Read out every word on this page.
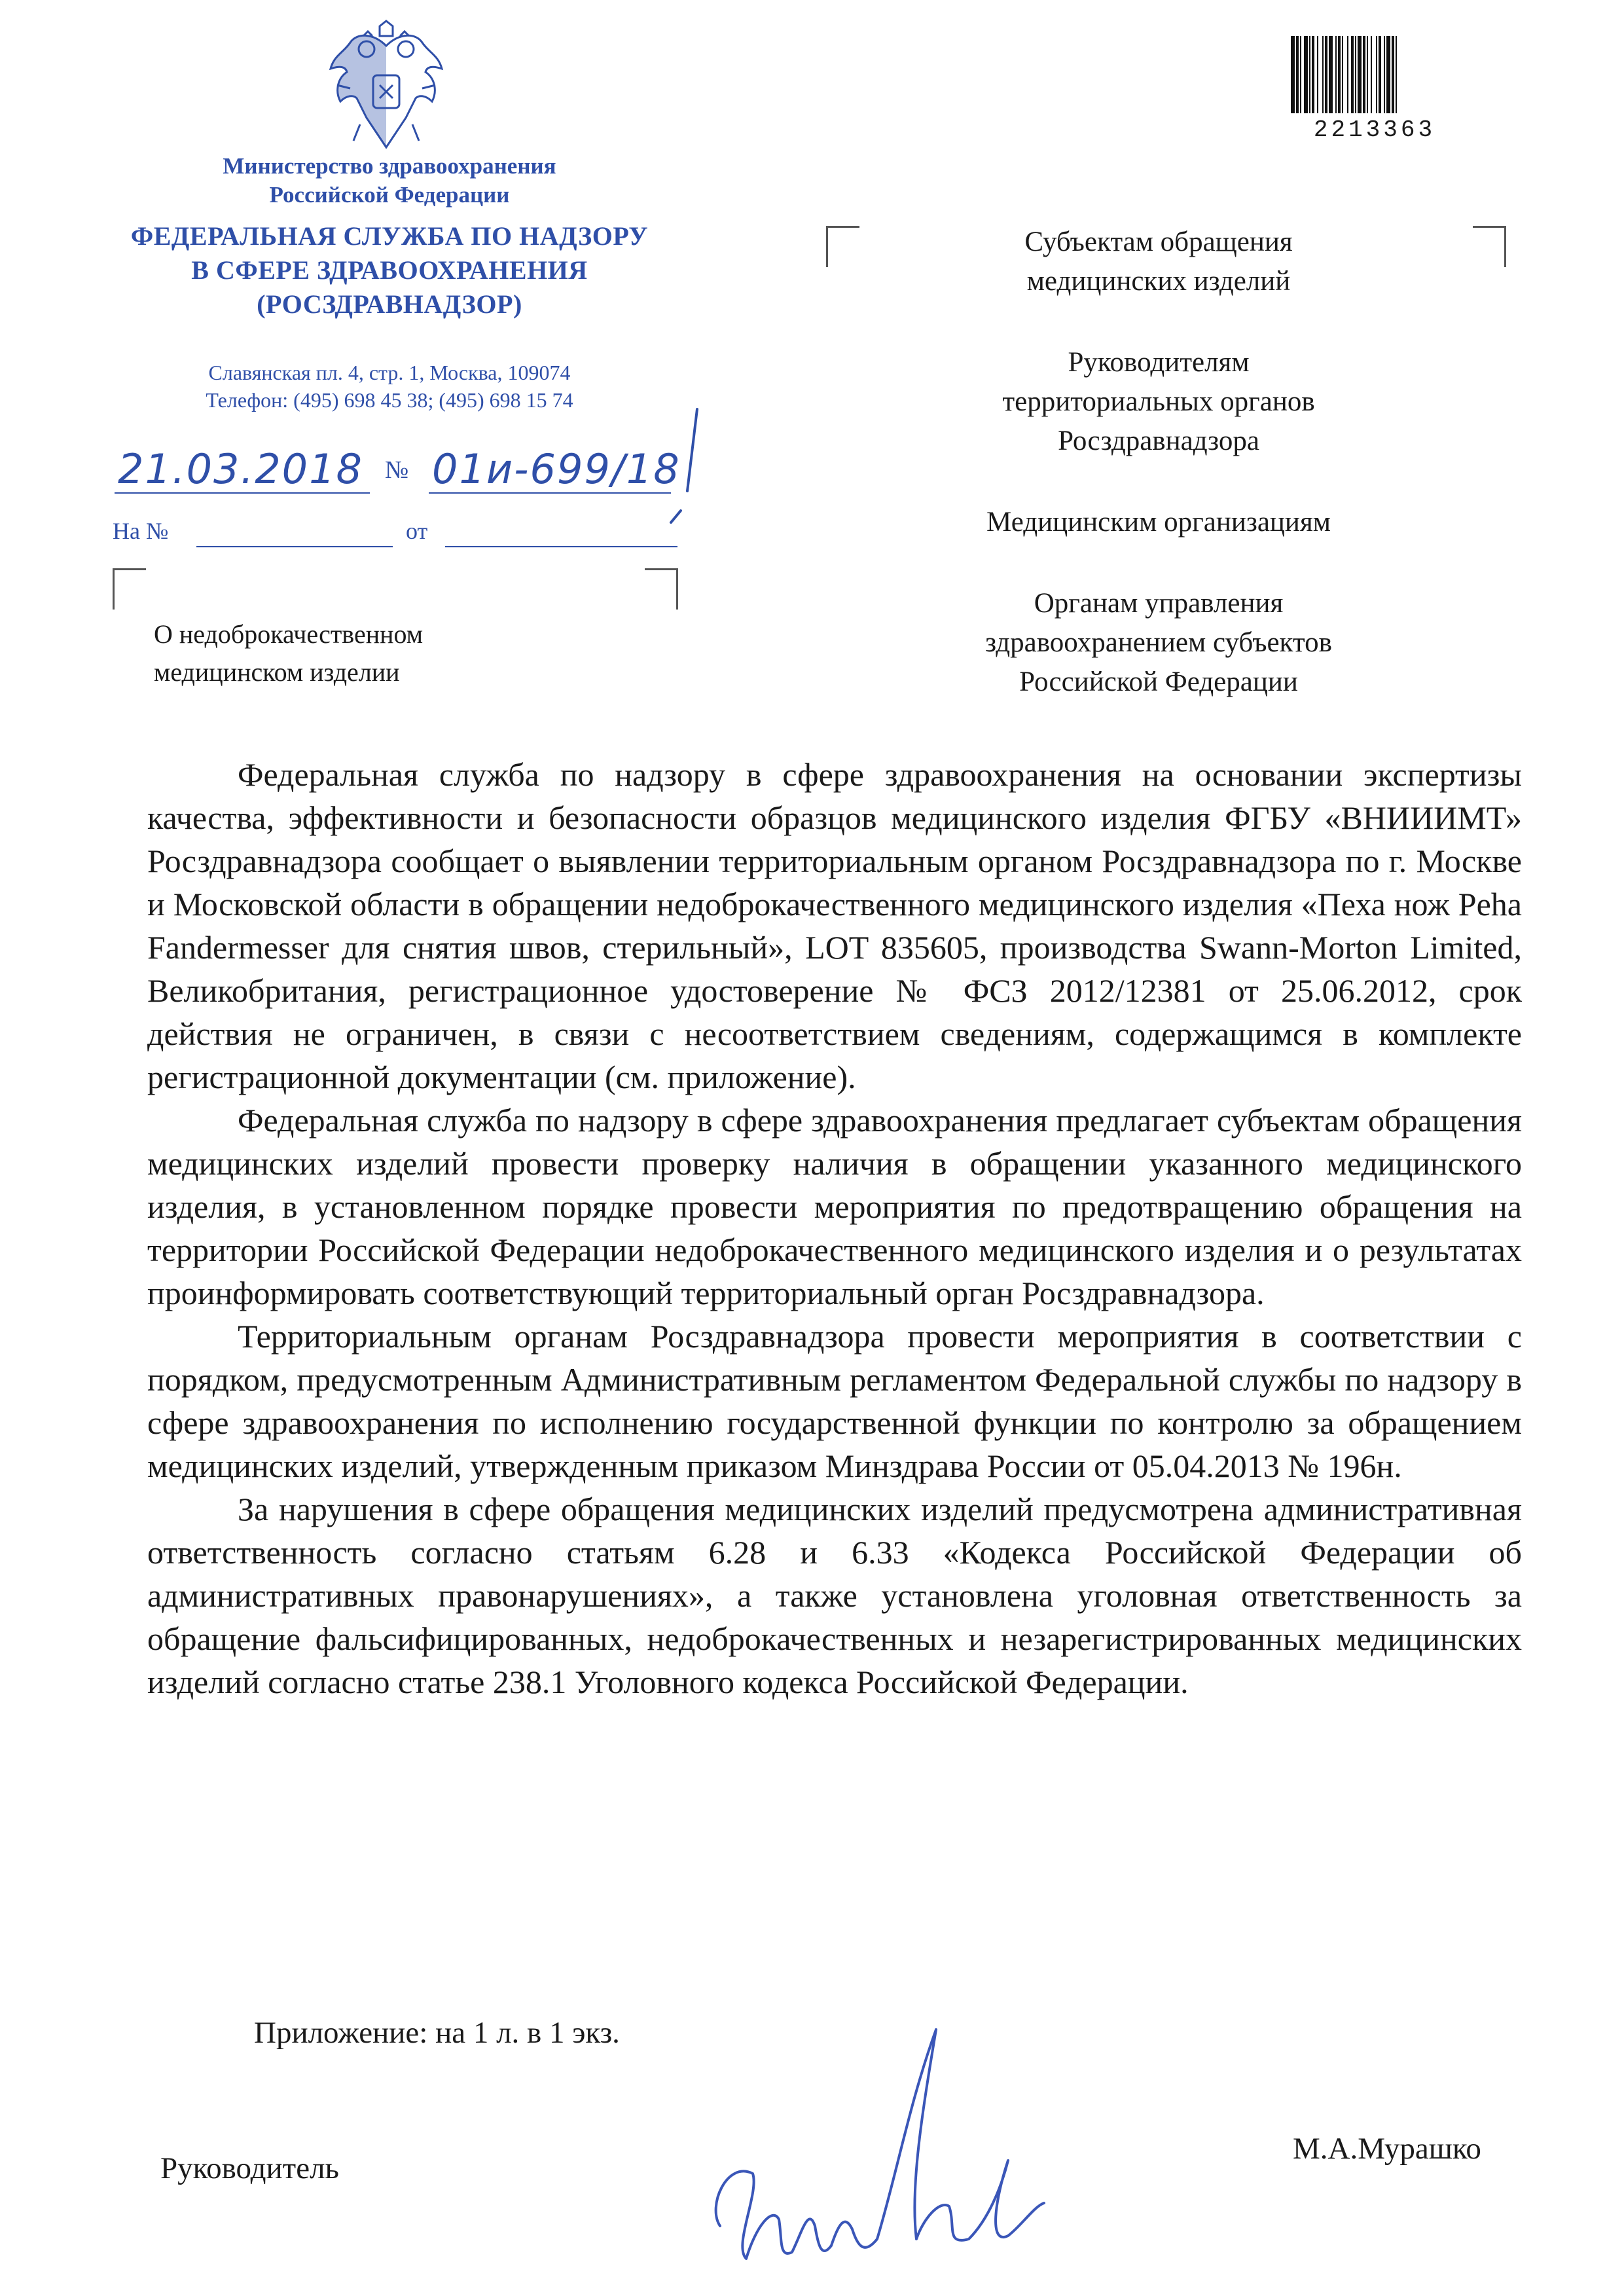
Министерство здравоохранения
Российской Федерации
ФЕДЕРАЛЬНАЯ СЛУЖБА ПО НАДЗОРУ
В СФЕРЕ ЗДРАВООХРАНЕНИЯ
(РОСЗДРАВНАДЗОР)
Славянская пл. 4, стр. 1, Москва, 109074
Телефон: (495) 698 45 38; (495) 698 15 74
21.03.2018 № 01и-699/18
На №	от
О недоброкачественном
медицинском изделии
2213363

Субъектам обращения
медицинских изделий

Руководителям
территориальных органов
Росздравнадзора

Медицинским организациям

Органам управления
здравоохранением субъектов
Российской Федерации

Федеральная служба по надзору в сфере здравоохранения на основании экспертизы качества, эффективности и безопасности образцов медицинского изделия ФГБУ «ВНИИИМТ» Росздравнадзора сообщает о выявлении территориальным органом Росздравнадзора по г. Москве и Московской области в обращении недоброкачественного медицинского изделия «Пеха нож Peha Fandermesser для снятия швов, стерильный», LOT 835605, производства Swann-Morton Limited, Великобритания, регистрационное удостоверение № ФСЗ 2012/12381 от 25.06.2012, срок действия не ограничен, в связи с несоответствием сведениям, содержащимся в комплекте регистрационной документации (см. приложение).

Федеральная служба по надзору в сфере здравоохранения предлагает субъектам обращения медицинских изделий провести проверку наличия в обращении указанного медицинского изделия, в установленном порядке провести мероприятия по предотвращению обращения на территории Российской Федерации недоброкачественного медицинского изделия и о результатах проинформировать соответствующий территориальный орган Росздравнадзора.

Территориальным органам Росздравнадзора провести мероприятия в соответствии с порядком, предусмотренным Административным регламентом Федеральной службы по надзору в сфере здравоохранения по исполнению государственной функции по контролю за обращением медицинских изделий, утвержденным приказом Минздрава России от 05.04.2013 № 196н.

За нарушения в сфере обращения медицинских изделий предусмотрена административная ответственность согласно статьям 6.28 и 6.33 «Кодекса Российской Федерации об административных правонарушениях», а также установлена уголовная ответственность за обращение фальсифицированных, недоброкачественных и незарегистрированных медицинских изделий согласно статье 238.1 Уголовного кодекса Российской Федерации.

Приложение: на 1 л. в 1 экз.
Руководитель
М.А.Мурашко
